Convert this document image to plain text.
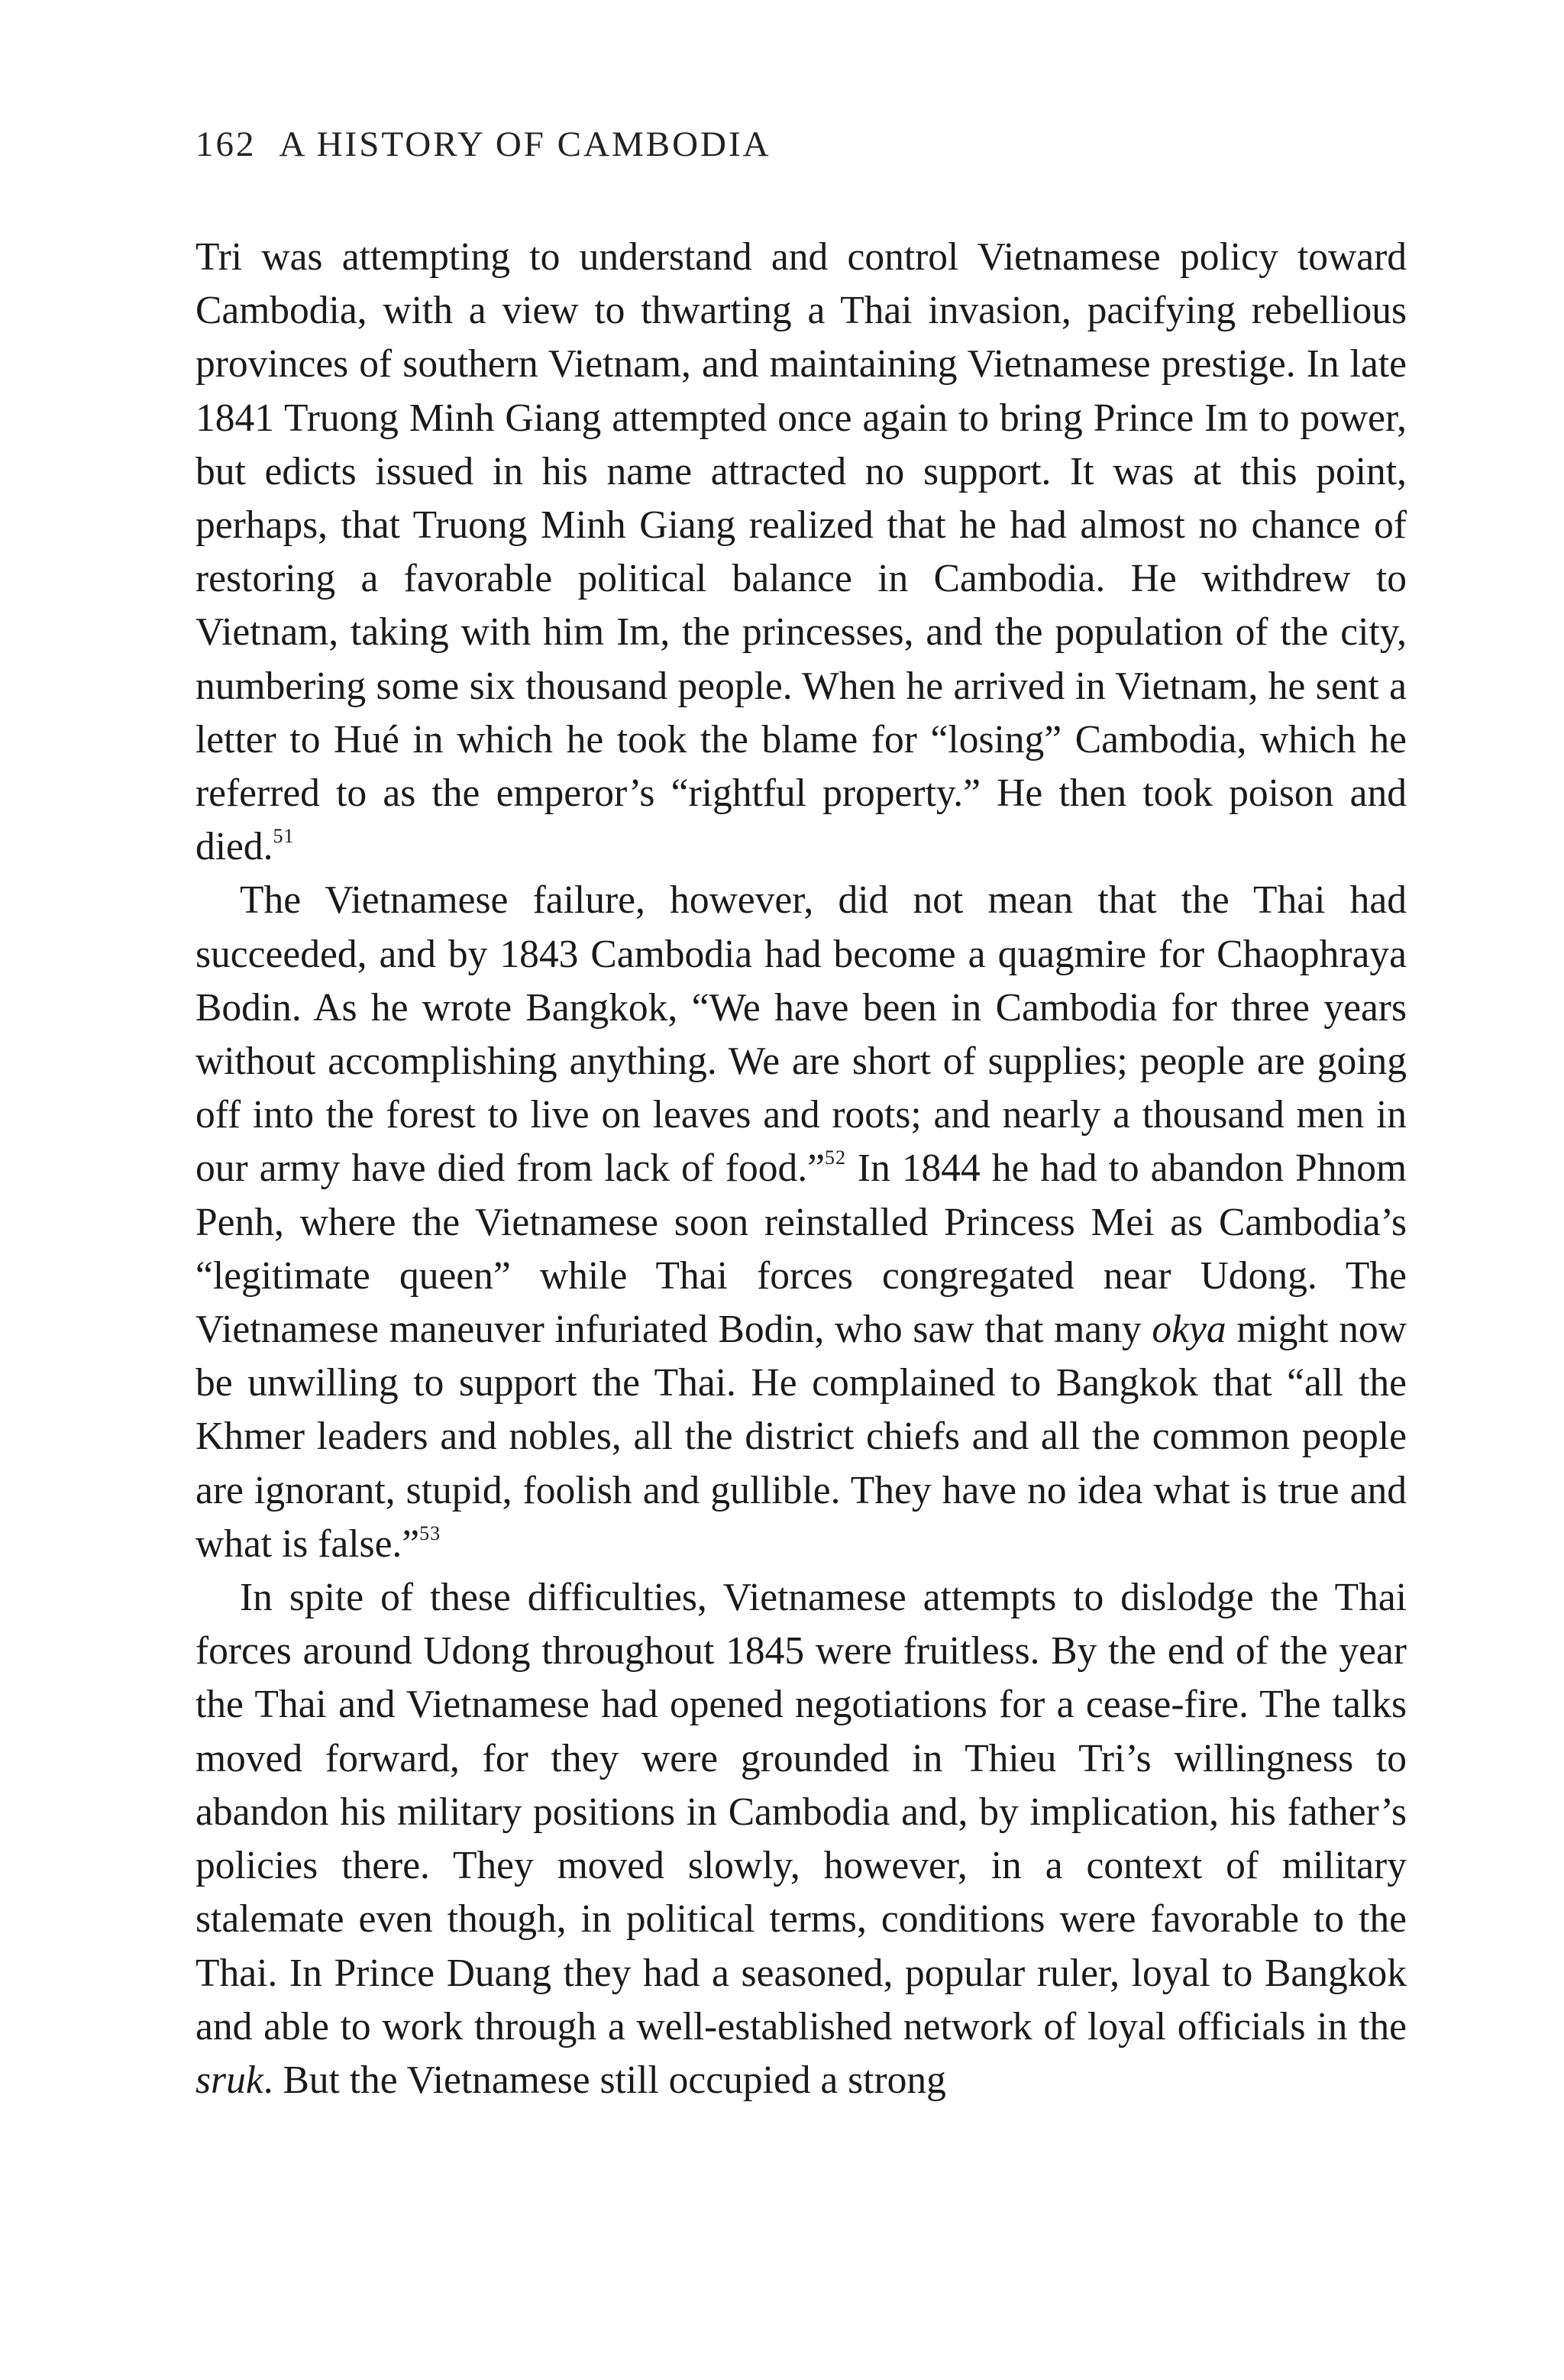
162 A HISTORY OF CAMBODIA

Tri was attempting to understand and control Vietnamese policy toward Cambodia, with a view to thwarting a Thai invasion, pacifying rebellious provinces of southern Vietnam, and maintaining Vietnamese prestige. In late 1841 Truong Minh Giang attempted once again to bring Prince Im to power, but edicts issued in his name attracted no support. It was at this point, perhaps, that Truong Minh Giang realized that he had almost no chance of restoring a favorable political balance in Cambodia. He withdrew to Vietnam, taking with him Im, the princesses, and the population of the city, numbering some six thousand people. When he arrived in Vietnam, he sent a letter to Hué in which he took the blame for “losing” Cambodia, which he referred to as the emperor’s “rightful property.” He then took poison and died.$^{51}$

The Vietnamese failure, however, did not mean that the Thai had succeeded, and by 1843 Cambodia had become a quagmire for Chaophraya Bodin. As he wrote Bangkok, “We have been in Cambodia for three years without accomplishing anything. We are short of supplies; people are going off into the forest to live on leaves and roots; and nearly a thousand men in our army have died from lack of food.”$^{52}$ In 1844 he had to abandon Phnom Penh, where the Vietnamese soon reinstalled Princess Mei as Cambodia’s “legitimate queen” while Thai forces congregated near Udong. The Vietnamese maneuver infuriated Bodin, who saw that many okya might now be unwilling to support the Thai. He complained to Bangkok that “all the Khmer leaders and nobles, all the district chiefs and all the common people are ignorant, stupid, foolish and gullible. They have no idea what is true and what is false.”$^{53}$

In spite of these difficulties, Vietnamese attempts to dislodge the Thai forces around Udong throughout 1845 were fruitless. By the end of the year the Thai and Vietnamese had opened negotiations for a cease-fire. The talks moved forward, for they were grounded in Thieu Tri’s willingness to abandon his military positions in Cambodia and, by implication, his father’s policies there. They moved slowly, however, in a context of military stalemate even though, in political terms, conditions were favorable to the Thai. In Prince Duang they had a seasoned, popular ruler, loyal to Bangkok and able to work through a well-established network of loyal officials in the sruk. But the Vietnamese still occupied a strong
